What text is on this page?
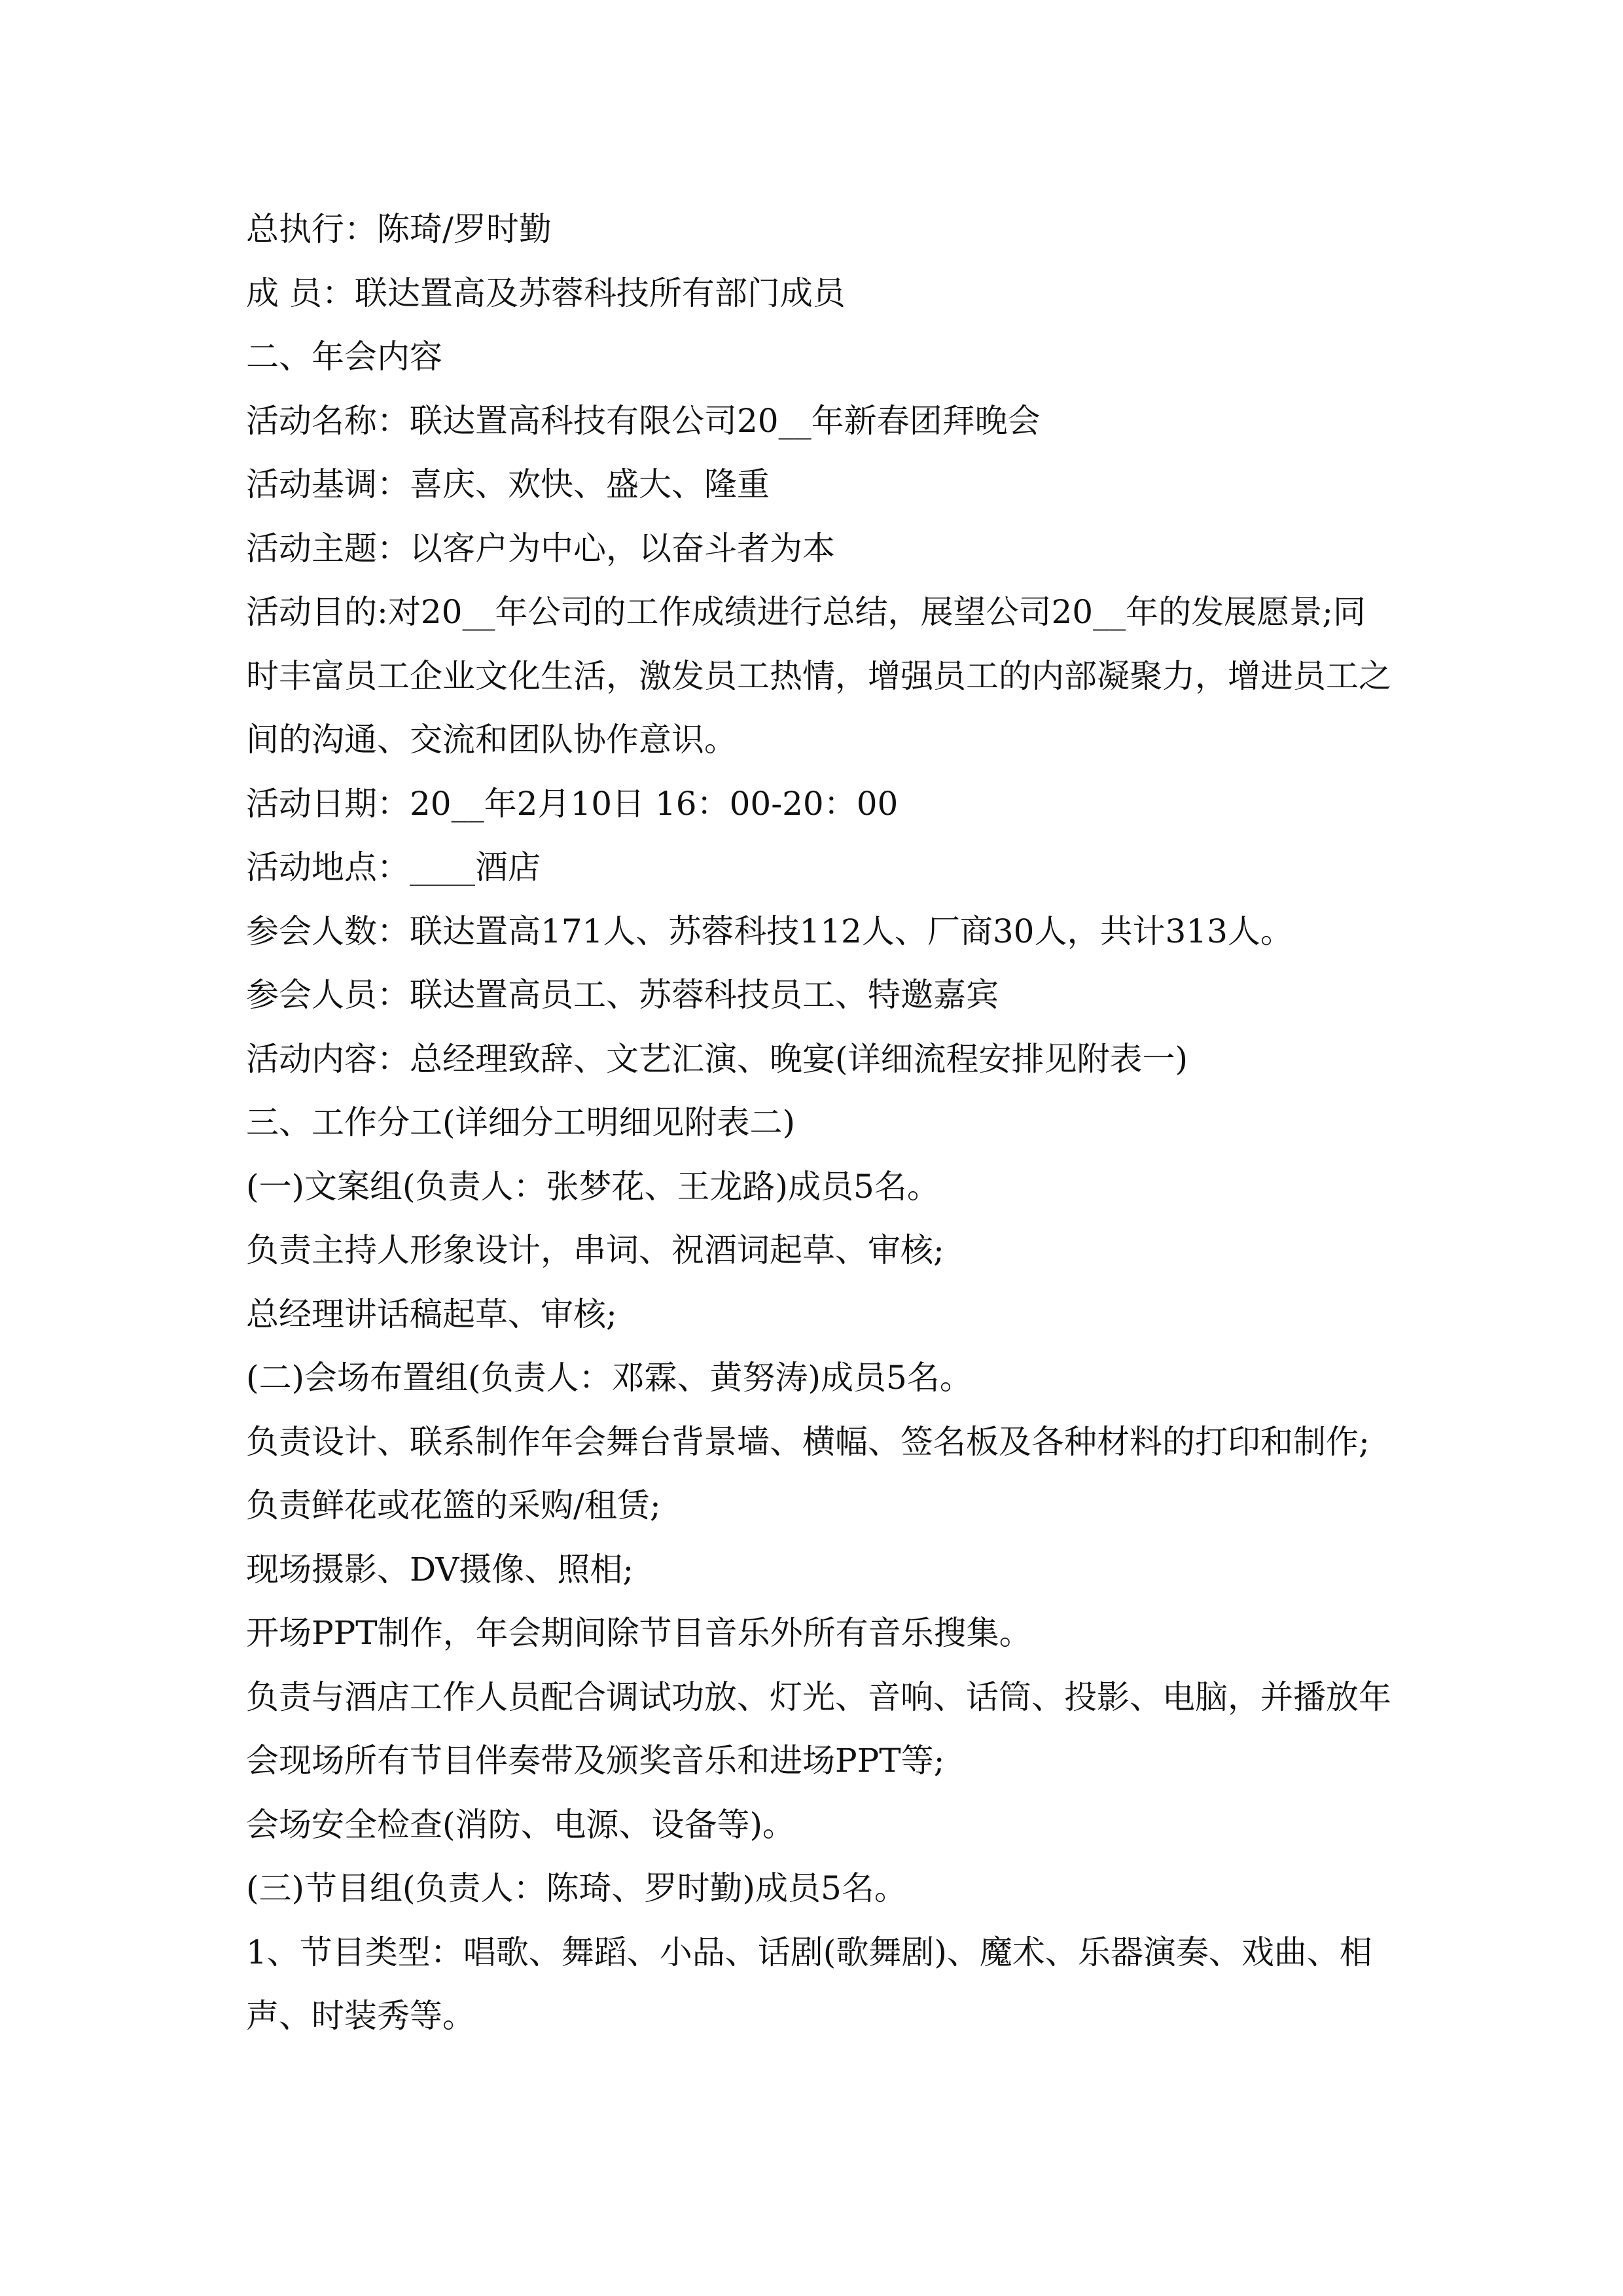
总执行：陈琦/罗时勤
成 员：联达置高及苏蓉科技所有部门成员
二、年会内容
活动名称：联达置高科技有限公司20__年新春团拜晚会
活动基调：喜庆、欢快、盛大、隆重
活动主题：以客户为中心，以奋斗者为本
活动目的:对20__年公司的工作成绩进行总结，展望公司20__年的发展愿景;同
时丰富员工企业文化生活，激发员工热情，增强员工的内部凝聚力，增进员工之
间的沟通、交流和团队协作意识。
活动日期：20__年2月10日 16：00-20：00
活动地点：____酒店
参会人数：联达置高171人、苏蓉科技112人、厂商30人，共计313人。
参会人员：联达置高员工、苏蓉科技员工、特邀嘉宾
活动内容：总经理致辞、文艺汇演、晚宴(详细流程安排见附表一)
三、工作分工(详细分工明细见附表二)
(一)文案组(负责人：张梦花、王龙路)成员5名。
负责主持人形象设计，串词、祝酒词起草、审核;
总经理讲话稿起草、审核;
(二)会场布置组(负责人：邓霖、黄努涛)成员5名。
负责设计、联系制作年会舞台背景墙、横幅、签名板及各种材料的打印和制作;
负责鲜花或花篮的采购/租赁;
现场摄影、DV摄像、照相;
开场PPT制作，年会期间除节目音乐外所有音乐搜集。
负责与酒店工作人员配合调试功放、灯光、音响、话筒、投影、电脑，并播放年
会现场所有节目伴奏带及颁奖音乐和进场PPT等;
会场安全检查(消防、电源、设备等)。
(三)节目组(负责人：陈琦、罗时勤)成员5名。
1、节目类型：唱歌、舞蹈、小品、话剧(歌舞剧)、魔术、乐器演奏、戏曲、相
声、时装秀等。
